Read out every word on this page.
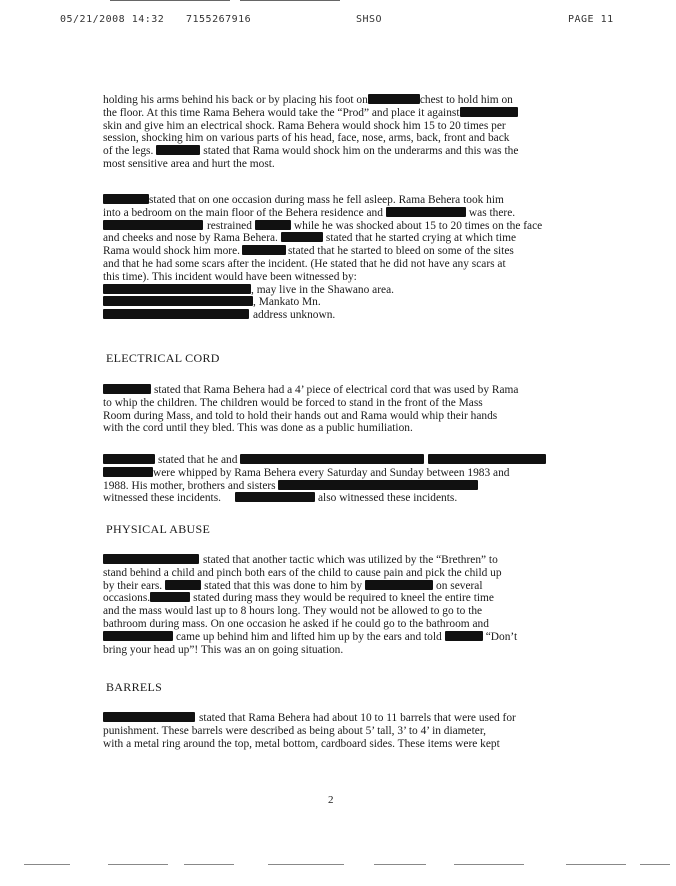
05/21/2008 14:32 7155267916	SHSO	PAGE 11
holding his arms behind his back or by placing his foot on	chest to hold him on
the floor. At this time Rama Behera would take the “Prod” and place it against
skin and give him an electrical shock. Rama Behera would shock him 15 to 20 times per
session, shocking him on various parts of his head, face, nose, arms, back, front and back
of the legs.	stated that Rama would shock him on the underarms and this was the
most sensitive area and hurt the most.
stated that on one occasion during mass he fell asleep. Rama Behera took him
into a bedroom on the main floor of the Behera residence and	was there.
restrained	while he was shocked about 15 to 20 times on the face
and cheeks and nose by Rama Behera.	stated that he started crying at which time
Rama would shock him more.	stated that he started to bleed on some of the sites
and that he had some scars after the incident. (He stated that he did not have any scars at
this time). This incident would have been witnessed by:
, may live in the Shawano area.
, Mankato Mn.
address unknown.
ELECTRICAL CORD
stated that Rama Behera had a 4’ piece of electrical cord that was used by Rama
to whip the children. The children would be forced to stand in the front of the Mass
Room during Mass, and told to hold their hands out and Rama would whip their hands
with the cord until they bled. This was done as a public humiliation.
stated that he and
were whipped by Rama Behera every Saturday and Sunday between 1983 and
1988. His mother, brothers and sisters
witnessed these incidents.	also witnessed these incidents.
PHYSICAL ABUSE
stated that another tactic which was utilized by the “Brethren” to
stand behind a child and pinch both ears of the child to cause pain and pick the child up
by their ears.	stated that this was done to him by	on several
occasions.	stated during mass they would be required to kneel the entire time
and the mass would last up to 8 hours long. They would not be allowed to go to the
bathroom during mass. On one occasion he asked if he could go to the bathroom and
came up behind him and lifted him up by the ears and told	“Don’t
bring your head up”! This was an on going situation.
BARRELS
stated that Rama Behera had about 10 to 11 barrels that were used for
punishment. These barrels were described as being about 5’ tall, 3’ to 4’ in diameter,
with a metal ring around the top, metal bottom, cardboard sides. These items were kept
2
